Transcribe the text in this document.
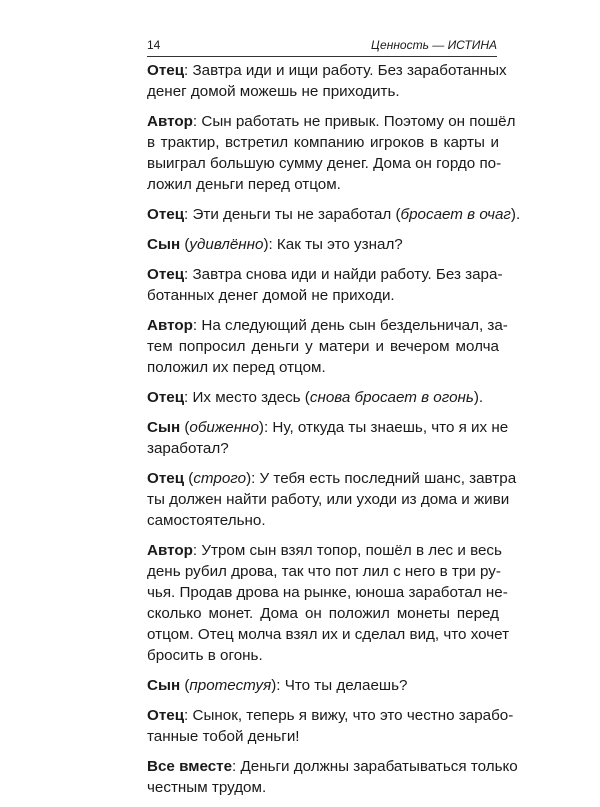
14	Ценность — ИСТИНА
Отец: Завтра иди и ищи работу. Без заработанных
денег домой можешь не приходить.
Автор: Сын работать не привык. Поэтому он пошёл
в трактир, встретил компанию игроков в карты и
выиграл большую сумму денег. Дома он гордо по-
ложил деньги перед отцом.
Отец: Эти деньги ты не заработал (бросает в очаг).
Сын (удивлённо): Как ты это узнал?
Отец: Завтра снова иди и найди работу. Без зара-
ботанных денег домой не приходи.
Автор: На следующий день сын бездельничал, за-
тем попросил деньги у матери и вечером молча
положил их перед отцом.
Отец: Их место здесь (снова бросает в огонь).
Сын (обиженно): Ну, откуда ты знаешь, что я их не
заработал?
Отец (строго): У тебя есть последний шанс, завтра
ты должен найти работу, или уходи из дома и живи
самостоятельно.
Автор: Утром сын взял топор, пошёл в лес и весь
день рубил дрова, так что пот лил с него в три ру-
чья. Продав дрова на рынке, юноша заработал не-
сколько монет. Дома он положил монеты перед
отцом. Отец молча взял их и сделал вид, что хочет
бросить в огонь.
Сын (протестуя): Что ты делаешь?
Отец: Сынок, теперь я вижу, что это честно зарабо-
танные тобой деньги!
Все вместе: Деньги должны зарабатываться только
честным трудом.
